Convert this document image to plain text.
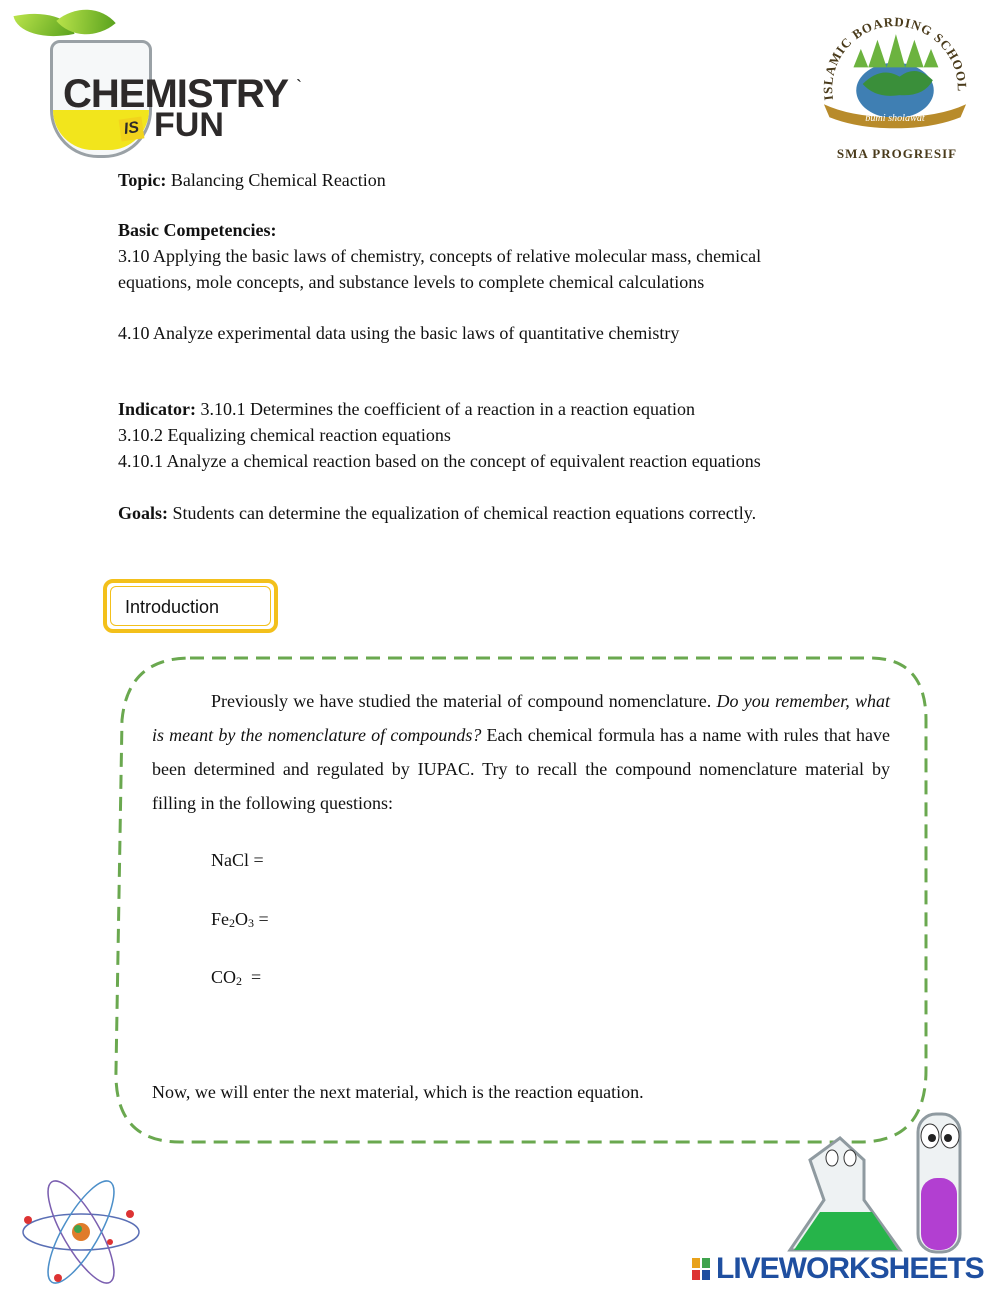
CHEMISTRY
IS FUN
`
ISLAMIC BOARDING SCHOOL
bumi sholawat
SMA PROGRESIF
Topic: Balancing Chemical Reaction
Basic Competencies:
3.10 Applying the basic laws of chemistry, concepts of relative molecular mass, chemical
equations, mole concepts, and substance levels to complete chemical calculations
4.10 Analyze experimental data using the basic laws of quantitative chemistry
Indicator: 3.10.1 Determines the coefficient of a reaction in a reaction equation
3.10.2 Equalizing chemical reaction equations
4.10.1 Analyze a chemical reaction based on the concept of equivalent reaction equations
Goals: Students can determine the equalization of chemical reaction equations correctly.
Introduction
Previously we have studied the material of compound nomenclature. Do you remember, what is meant by the nomenclature of compounds? Each chemical formula has a name with rules that have been determined and regulated by IUPAC. Try to recall the compound nomenclature material by filling in the following questions:
NaCl =
$Fe_2O_3$ =
$CO_2$  =
Now, we will enter the next material, which is the reaction equation.
LIVEWORKSHEETS
